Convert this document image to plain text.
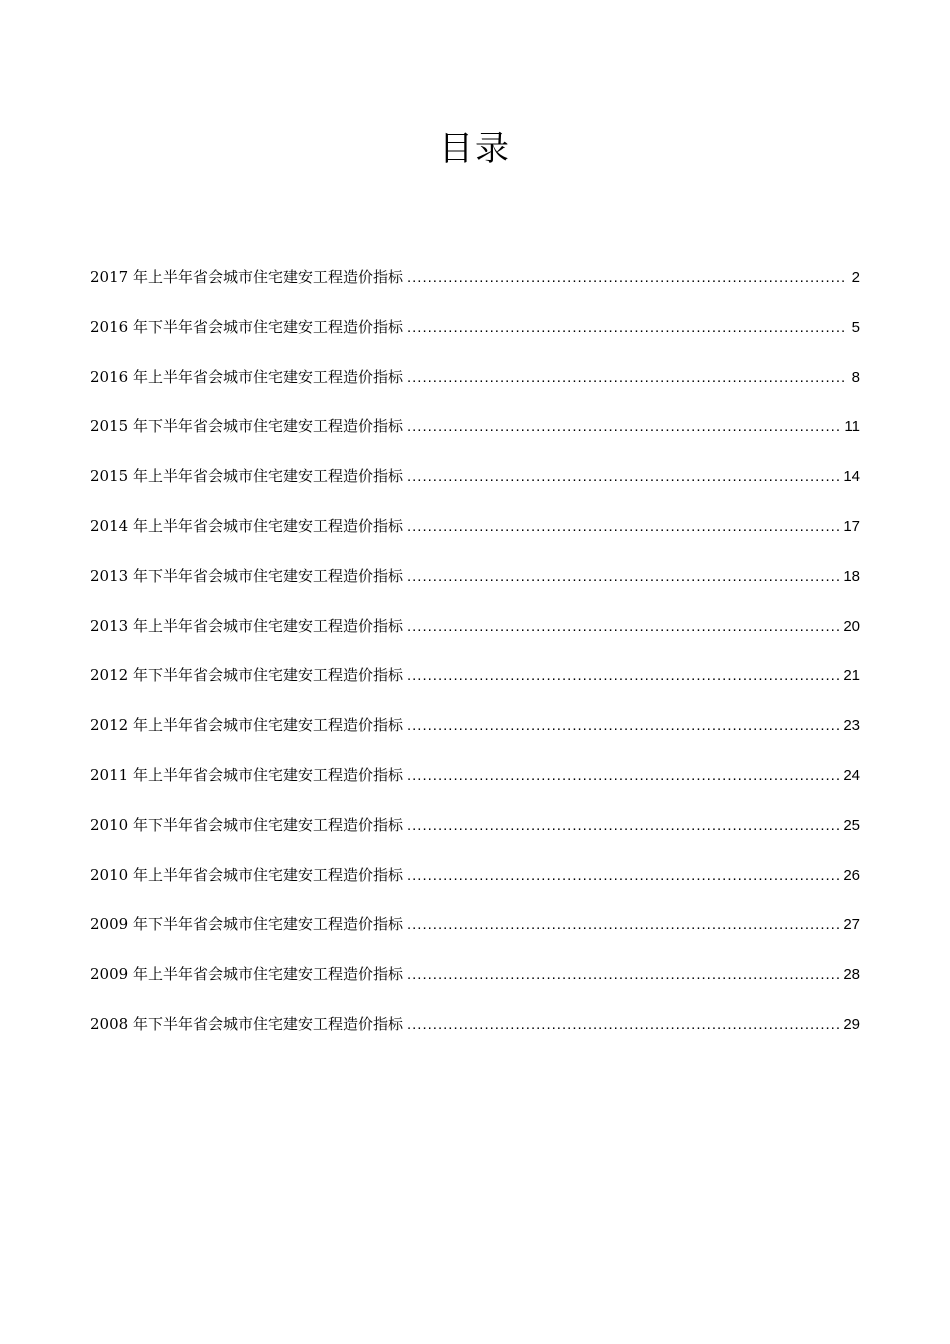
目录
2017 年上半年省会城市住宅建安工程造价指标 .....	2
2016 年下半年省会城市住宅建安工程造价指标 .....	5
2016 年上半年省会城市住宅建安工程造价指标 .....	8
2015 年下半年省会城市住宅建安工程造价指标 .....	11
2015 年上半年省会城市住宅建安工程造价指标 .....	14
2014 年上半年省会城市住宅建安工程造价指标 .....	17
2013 年下半年省会城市住宅建安工程造价指标 .....	18
2013 年上半年省会城市住宅建安工程造价指标 .....	20
2012 年下半年省会城市住宅建安工程造价指标 .....	21
2012 年上半年省会城市住宅建安工程造价指标 .....	23
2011 年上半年省会城市住宅建安工程造价指标 .....	24
2010 年下半年省会城市住宅建安工程造价指标 .....	25
2010 年上半年省会城市住宅建安工程造价指标 .....	26
2009 年下半年省会城市住宅建安工程造价指标 .....	27
2009 年上半年省会城市住宅建安工程造价指标 .....	28
2008 年下半年省会城市住宅建安工程造价指标 .....	29
